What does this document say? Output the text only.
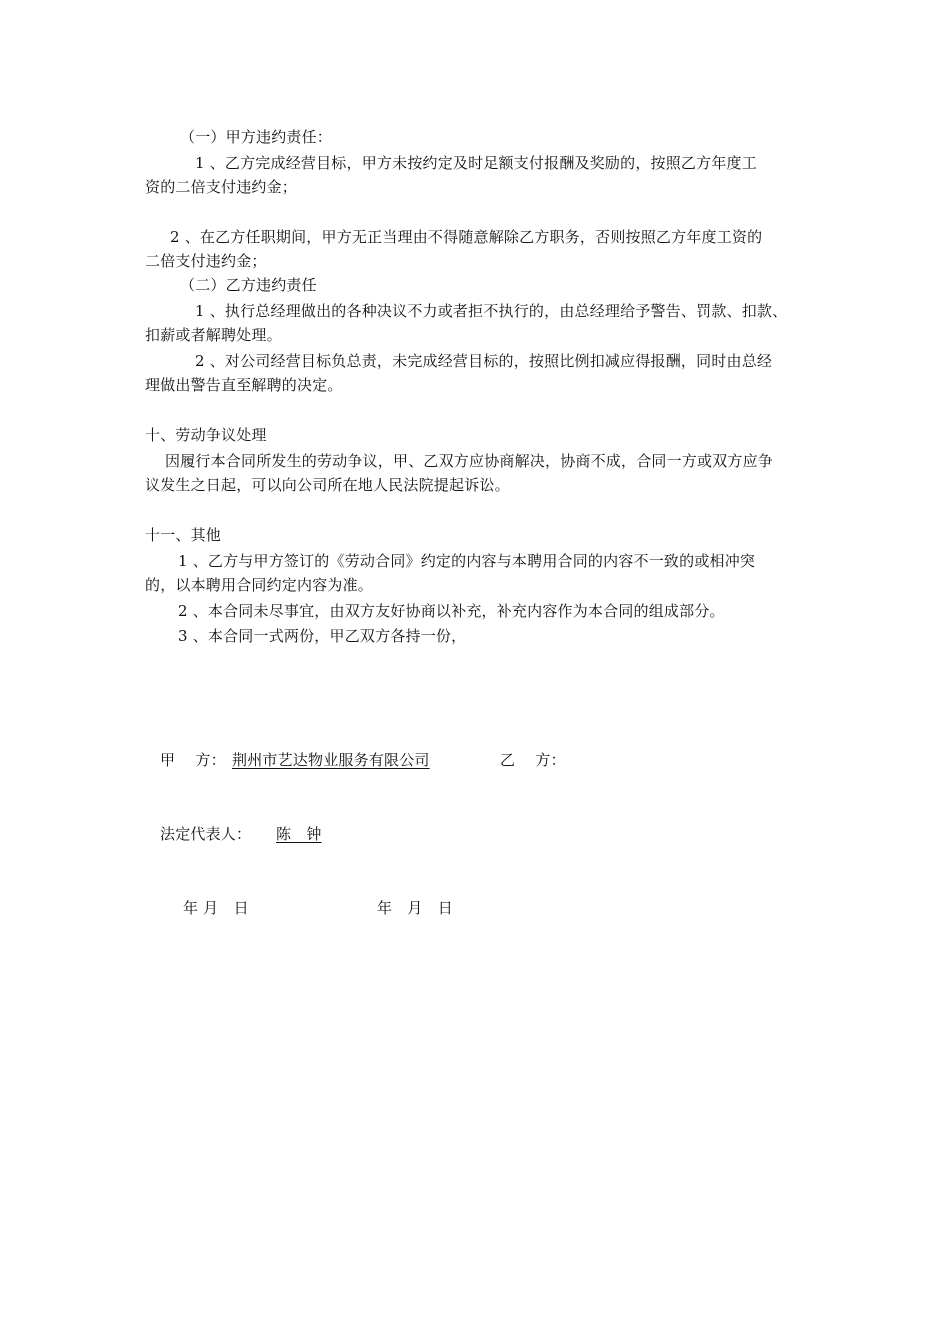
（一）甲方违约责任：
1 、乙方完成经营目标，甲方未按约定及时足额支付报酬及奖励的，按照乙方年度工
资的二倍支付违约金；
2 、在乙方任职期间，甲方无正当理由不得随意解除乙方职务，否则按照乙方年度工资的
二倍支付违约金；
（二）乙方违约责任
1 、执行总经理做出的各种决议不力或者拒不执行的，由总经理给予警告、罚款、扣款、
扣薪或者解聘处理。
2 、对公司经营目标负总责，未完成经营目标的，按照比例扣减应得报酬，同时由总经
理做出警告直至解聘的决定。
十、劳动争议处理
因履行本合同所发生的劳动争议，甲、乙双方应协商解决，协商不成，合同一方或双方应争
议发生之日起，可以向公司所在地人民法院提起诉讼。
十一、其他
1 、乙方与甲方签订的《劳动合同》约定的内容与本聘用合同的内容不一致的或相冲突
的，以本聘用合同约定内容为准。
2 、本合同未尽事宜，由双方友好协商以补充，补充内容作为本合同的组成部分。
3 、本合同一式两份，甲乙双方各持一份，
甲　 方： 荆州市艺达物业服务有限公司	乙　 方：
法定代表人：	陈　钟
年 月　日	年　月　日
